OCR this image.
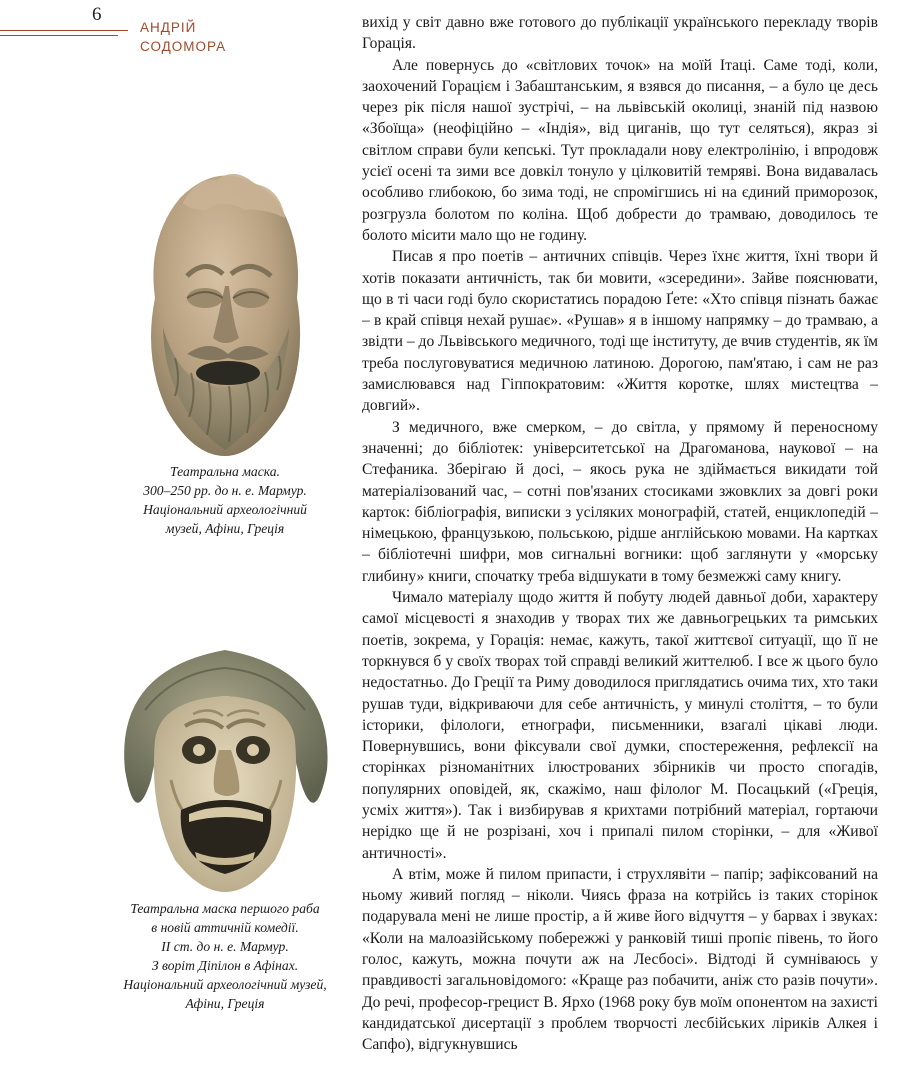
6
АНДРІЙ
СОДОМОРА
Театральна маска.
300–250 рр. до н. е. Мармур.
Національний археологічний
музей, Афіни, Греція
Театральна маска першого раба
в новій аттичній комедії.
II ст. до н. е. Мармур.
З воріт Діпілон в Афінах.
Національний археологічний музей,
Афіни, Греція

вихід у світ давно вже готового до публікації українського перекладу творів Горація.

Але повернусь до «світлових точок» на моїй Ітаці. Саме тоді, коли, заохочений Горацієм і Забаштанським, я взявся до писання, – а було це десь через рік після нашої зустрічі, – на львівській околиці, знаній під назвою «Збоїща» (неофіційно – «Індія», від циганів, що тут селяться), якраз зі світлом справи були кепські. Тут прокладали нову електролінію, і впродовж усієї осені та зими все довкіл тонуло у цілковитій темряві. Вона видавалась особливо глибокою, бо зима тоді, не спромігшись ні на єдиний приморозок, розгрузла болотом по коліна. Щоб добрести до трамваю, доводилось те болото місити мало що не годину.

Писав я про поетів – античних співців. Через їхнє життя, їхні твори й хотів показати античність, так би мовити, «зсередини». Зайве пояснювати, що в ті часи годі було скористатись порадою Ґете: «Хто співця пізнать бажає – в край співця нехай рушає». «Рушав» я в іншому напрямку – до трамваю, а звідти – до Львівського медичного, тоді ще інституту, де вчив студентів, як їм треба послуговуватися медичною латиною. Дорогою, пам'ятаю, і сам не раз замислювався над Гіппократовим: «Життя коротке, шлях мистецтва – довгий».

З медичного, вже смерком, – до світла, у прямому й переносному значенні; до бібліотек: університетської на Драгоманова, наукової – на Стефаника. Зберігаю й досі, – якось рука не здіймається викидати той матеріалізований час, – сотні пов'язаних стосиками зжовклих за довгі роки карток: бібліографія, виписки з усіляких монографій, статей, енциклопедій – німецькою, французькою, польською, рідше англійською мовами. На картках – бібліотечні шифри, мов сигнальні вогники: щоб заглянути у «морську глибину» книги, спочатку треба відшукати в тому безмежжі саму книгу.

Чимало матеріалу щодо життя й побуту людей давньої доби, характеру самої місцевості я знаходив у творах тих же давньогрецьких та римських поетів, зокрема, у Горація: немає, кажуть, такої життєвої ситуації, що її не торкнувся б у своїх творах той справді великий життелюб. І все ж цього було недостатньо. До Греції та Риму доводилося приглядатись очима тих, хто таки рушав туди, відкриваючи для себе античність, у минулі століття, – то були історики, філологи, етнографи, письменники, взагалі цікаві люди. Повернувшись, вони фіксували свої думки, спостереження, рефлексії на сторінках різноманітних ілюстрованих збірників чи просто спогадів, популярних оповідей, як, скажімо, наш філолог М. Посацький («Греція, усміх життя»). Так і визбирував я крихтами потрібний матеріал, гортаючи нерідко ще й не розрізані, хоч і припалі пилом сторінки, – для «Живої античності».

А втім, може й пилом припасти, і струхлявіти – папір; зафіксований на ньому живий погляд – ніколи. Чиясь фраза на котрійсь із таких сторінок подарувала мені не лише простір, а й живе його відчуття – у барвах і звуках: «Коли на малоазійському побережжі у ранковій тиші пропіє півень, то його голос, кажуть, можна почути аж на Лесбосі». Відтоді й сумніваюсь у правдивості загальновідомого: «Краще раз побачити, аніж сто разів почути». До речі, професор-грецист В. Ярхо (1968 року був моїм опонентом на захисті кандидатської дисертації з проблем творчості лесбійських ліриків Алкея і Сапфо), відгукнувшись
